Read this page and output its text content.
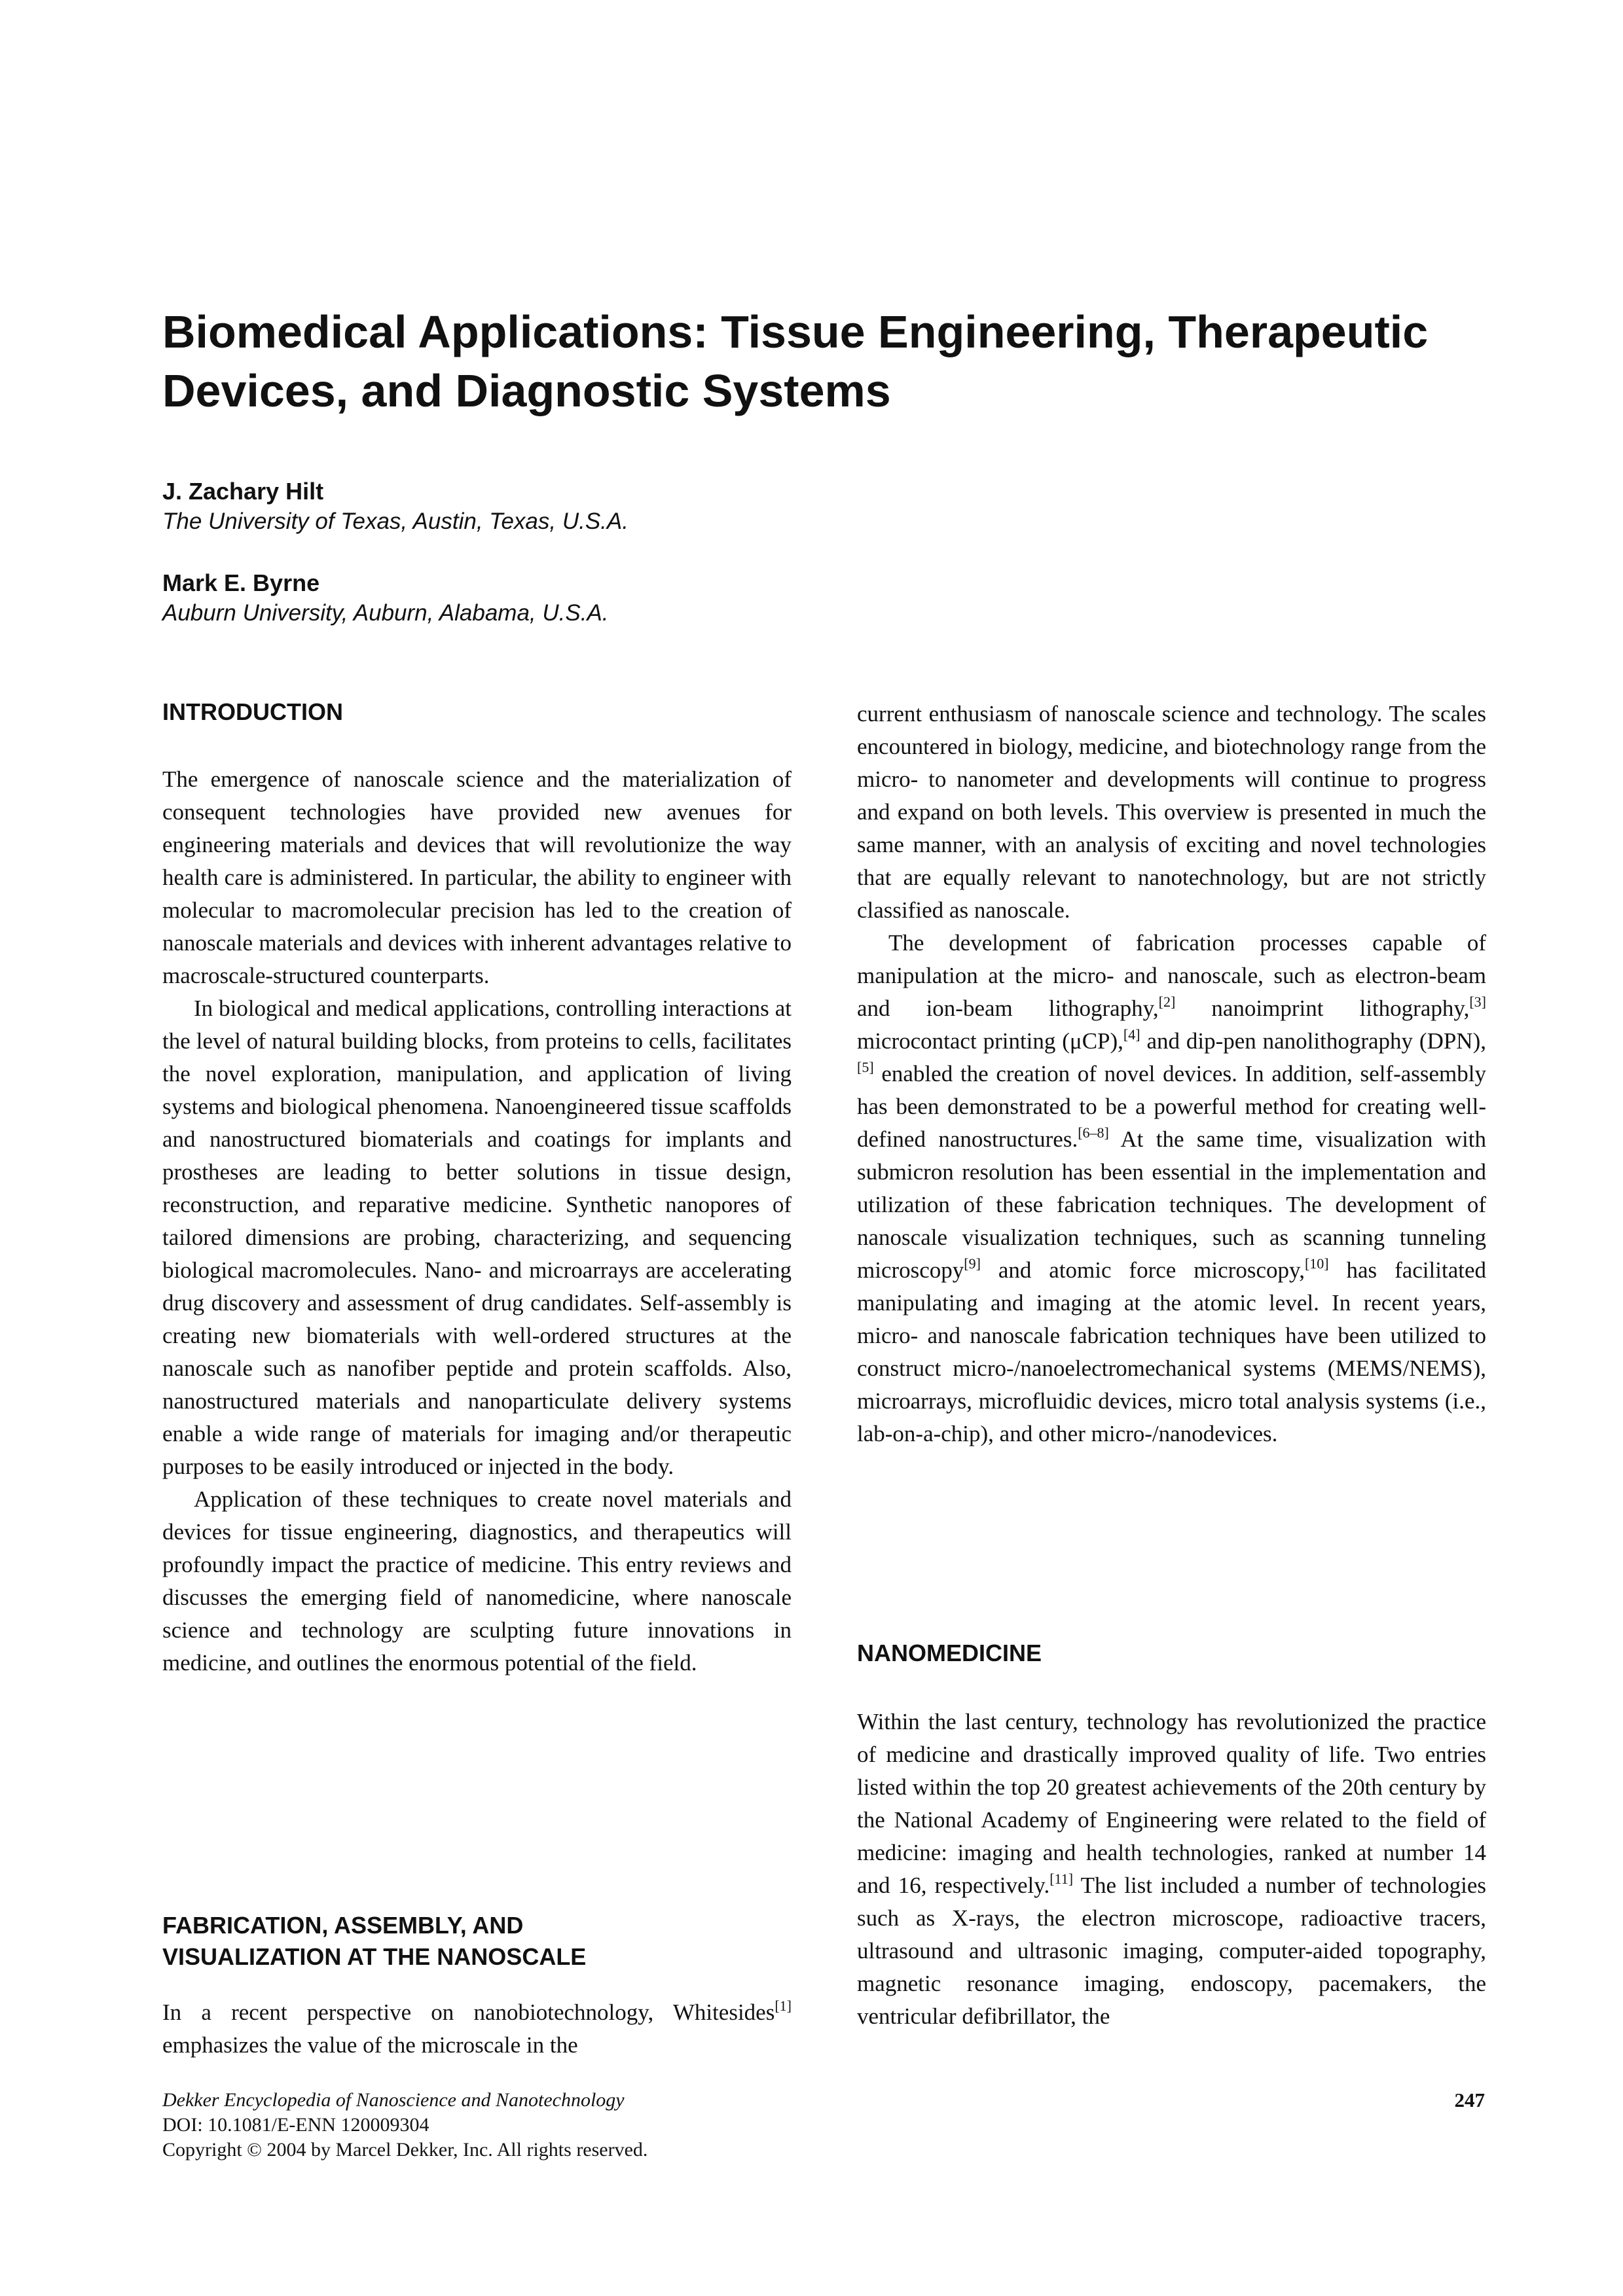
Biomedical Applications: Tissue Engineering, Therapeutic
Devices, and Diagnostic Systems
J. Zachary Hilt
The University of Texas, Austin, Texas, U.S.A.
Mark E. Byrne
Auburn University, Auburn, Alabama, U.S.A.
INTRODUCTION

The emergence of nanoscale science and the materialization of consequent technologies have provided new avenues for engineering materials and devices that will revolutionize the way health care is administered. In particular, the ability to engineer with molecular to macromolecular precision has led to the creation of nanoscale materials and devices with inherent advantages relative to macroscale-structured counterparts.

In biological and medical applications, controlling interactions at the level of natural building blocks, from proteins to cells, facilitates the novel exploration, manipulation, and application of living systems and biological phenomena. Nanoengineered tissue scaffolds and nanostructured biomaterials and coatings for implants and prostheses are leading to better solutions in tissue design, reconstruction, and reparative medicine. Synthetic nanopores of tailored dimensions are probing, characterizing, and sequencing biological macromolecules. Nano- and microarrays are accelerating drug discovery and assessment of drug candidates. Self-assembly is creating new biomaterials with well-ordered structures at the nanoscale such as nanofiber peptide and protein scaffolds. Also, nanostructured materials and nanoparticulate delivery systems enable a wide range of materials for imaging and/or therapeutic purposes to be easily introduced or injected in the body.

Application of these techniques to create novel materials and devices for tissue engineering, diagnostics, and therapeutics will profoundly impact the practice of medicine. This entry reviews and discusses the emerging field of nanomedicine, where nanoscale science and technology are sculpting future innovations in medicine, and outlines the enormous potential of the field.

FABRICATION, ASSEMBLY, AND
VISUALIZATION AT THE NANOSCALE

In a recent perspective on nanobiotechnology, Whitesides[1] emphasizes the value of the microscale in the

current enthusiasm of nanoscale science and technology. The scales encountered in biology, medicine, and biotechnology range from the micro- to nanometer and developments will continue to progress and expand on both levels. This overview is presented in much the same manner, with an analysis of exciting and novel technologies that are equally relevant to nanotechnology, but are not strictly classified as nanoscale.

The development of fabrication processes capable of manipulation at the micro- and nanoscale, such as electron-beam and ion-beam lithography,[2] nanoimprint lithography,[3] microcontact printing (μCP),[4] and dip-pen nanolithography (DPN),[5] enabled the creation of novel devices. In addition, self-assembly has been demonstrated to be a powerful method for creating well-defined nanostructures.[6–8] At the same time, visualization with submicron resolution has been essential in the implementation and utilization of these fabrication techniques. The development of nanoscale visualization techniques, such as scanning tunneling microscopy[9] and atomic force microscopy,[10] has facilitated manipulating and imaging at the atomic level. In recent years, micro- and nanoscale fabrication techniques have been utilized to construct micro-/nanoelectromechanical systems (MEMS/NEMS), microarrays, microfluidic devices, micro total analysis systems (i.e., lab-on-a-chip), and other micro-/nanodevices.

NANOMEDICINE

Within the last century, technology has revolutionized the practice of medicine and drastically improved quality of life. Two entries listed within the top 20 greatest achievements of the 20th century by the National Academy of Engineering were related to the field of medicine: imaging and health technologies, ranked at number 14 and 16, respectively.[11] The list included a number of technologies such as X-rays, the electron microscope, radioactive tracers, ultrasound and ultrasonic imaging, computer-aided topography, magnetic resonance imaging, endoscopy, pacemakers, the ventricular defibrillator, the

Dekker Encyclopedia of Nanoscience and Nanotechnology
DOI: 10.1081/E-ENN 120009304
Copyright © 2004 by Marcel Dekker, Inc. All rights reserved.
247
